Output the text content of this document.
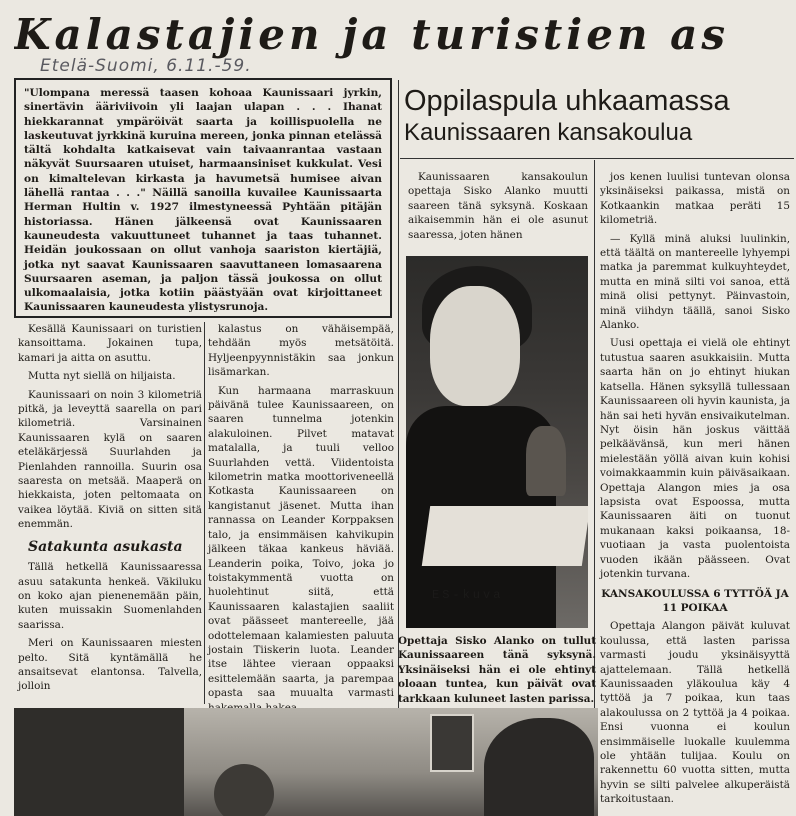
Kalastajien ja turistien as
Etelä-Suomi, 6.11.-59.

"Ulompana meressä taasen kohoaa Kaunissaari jyrkin, sinertävin ääriviivoin yli laajan ulapan . . . Ihanat hiekkarannat ympäröivät saarta ja koillispuolella ne laskeutuvat jyrkkinä kuruina mereen, jonka pinnan etelässä tältä kohdalta katkaisevat vain taivaanrantaa vastaan näkyvät Suursaaren utuiset, harmaansiniset kukkulat. Vesi on kimaltelevan kirkasta ja havumetsä humisee aivan lähellä rantaa . . ." Näillä sanoilla kuvailee Kaunissaarta Herman Hultin v. 1927 ilmestyneessä Pyhtään pitäjän historiassa. Hänen jälkeensä ovat Kaunissaaren kauneudesta vakuuttuneet tuhannet ja taas tuhannet. Heidän joukossaan on ollut vanhoja saariston kiertäjiä, jotka nyt saavat Kaunissaaren saavuttaneen lomasaarena Suursaaren aseman, ja paljon tässä joukossa on ollut ulkomaalaisia, jotka kotiin päästyään ovat kirjoittaneet Kaunissaaren kauneudesta ylistysrunoja.

Oppilaspula uhkaamassa
Kaunissaaren kansakoulua

Kesällä Kaunissaari on turistien kansoittama. Jokainen tupa, kamari ja aitta on asuttu.

Mutta nyt siellä on hiljaista.

Kaunissaari on noin 3 kilometriä pitkä, ja leveyttä saarella on pari kilometriä. Varsinainen Kaunissaaren kylä on saaren eteläkärjessä Suurlahden ja Pienlahden rannoilla. Suurin osa saaresta on metsää. Maaperä on hiekkaista, joten peltomaata on vaikea löytää. Kiviä on sitten sitä enemmän.

Satakunta asukasta

Tällä hetkellä Kaunissaaressa asuu satakunta henkeä. Väkiluku on koko ajan pienenemään päin, kuten muissakin Suomenlahden saarissa.

Meri on Kaunissaaren miesten pelto. Sitä kyntämällä he ansaitsevat elantonsa. Talvella, jolloin

kalastus on vähäisempää, tehdään myös metsätöitä. Hyljeenpyynnistäkin saa jonkun lisämarkan.

Kun harmaana marraskuun päivänä tulee Kaunissaareen, on saaren tunnelma jotenkin alakuloinen. Pilvet matavat matalalla, ja tuuli velloo Suurlahden vettä. Viidentoista kilometrin matka moottoriveneellä Kotkasta Kaunissaareen on kangistanut jäsenet. Mutta ihan rannassa on Leander Korppaksen talo, ja ensimmäisen kahvikupin jälkeen täkaa kankeus häviää. Leanderin poika, Toivo, joka jo toistakymmentä vuotta on huolehtinut siitä, että Kaunissaaren kalastajien saaliit ovat päässeet mantereelle, jää odottelemaan kalamiesten paluuta jostain Tiiskerin luota. Leander itse lähtee vieraan oppaaksi esittelemään saarta, ja parempaa opasta saa muualta varmasti

Kaunissaaren kansakoulun opettaja Sisko Alanko muutti saareen tänä syksynä. Koskaan aikaisemmin hän ei ole asunut saaressa, joten hänen

ES-kuva
Opettaja Sisko Alanko on tullut Kaunissaareen tänä syksynä. Yksinäiseksi hän ei ole ehtinyt oloaan tuntea, kun päivät ovat tarkkaan kuluneet lasten parissa.

jos kenen luulisi tuntevan olonsa yksinäiseksi paikassa, mistä on Kotkaankin matkaa peräti 15 kilometriä.

— Kyllä minä aluksi luulinkin, että täältä on mantereelle lyhyempi matka ja paremmat kulkuyhteydet, mutta en minä silti voi sanoa, että minä olisi pettynyt. Päinvastoin, minä viihdyn täällä, sanoi Sisko Alanko.

Uusi opettaja ei vielä ole ehtinyt tutustua saaren asukkaisiin. Mutta saarta hän on jo ehtinyt hiukan katsella. Hänen syksyllä tullessaan Kaunissaareen oli hyvin kaunista, ja hän sai heti hyvän ensivaikutelman. Nyt öisin hän joskus väittää pelkäävänsä, kun meri hänen mielestään yöllä aivan kuin kohisi voimakkaammin kuin päiväsaikaan. Opettaja Alangon mies ja osa lapsista ovat Espoossa, mutta Kaunissaaren äiti on tuonut mukanaan kaksi poikaansa, 18-vuotiaan ja vasta puolentoista vuoden ikään päässeen. Ovat jotenkin turvana.

KANSAKOULUSSA 6 TYTTÖÄ JA 11 POIKAA

Opettaja Alangon päivät kuluvat koulussa, että lasten parissa varmasti joudu yksinäisyyttä ajattelemaan. Tällä hetkellä Kaunissaaden yläkoulua käy 4 tyttöä ja 7 poikaa, kun taas alakoulussa on 2 tyttöä ja 4 poikaa. Ensi vuonna ei koulun ensimmäiselle luokalle kuulemma ole yhtään tulijaa. Koulu on rakennettu 60 vuotta sitten, mutta hyvin se silti palvelee alkuperäistä tarkoitustaan.
